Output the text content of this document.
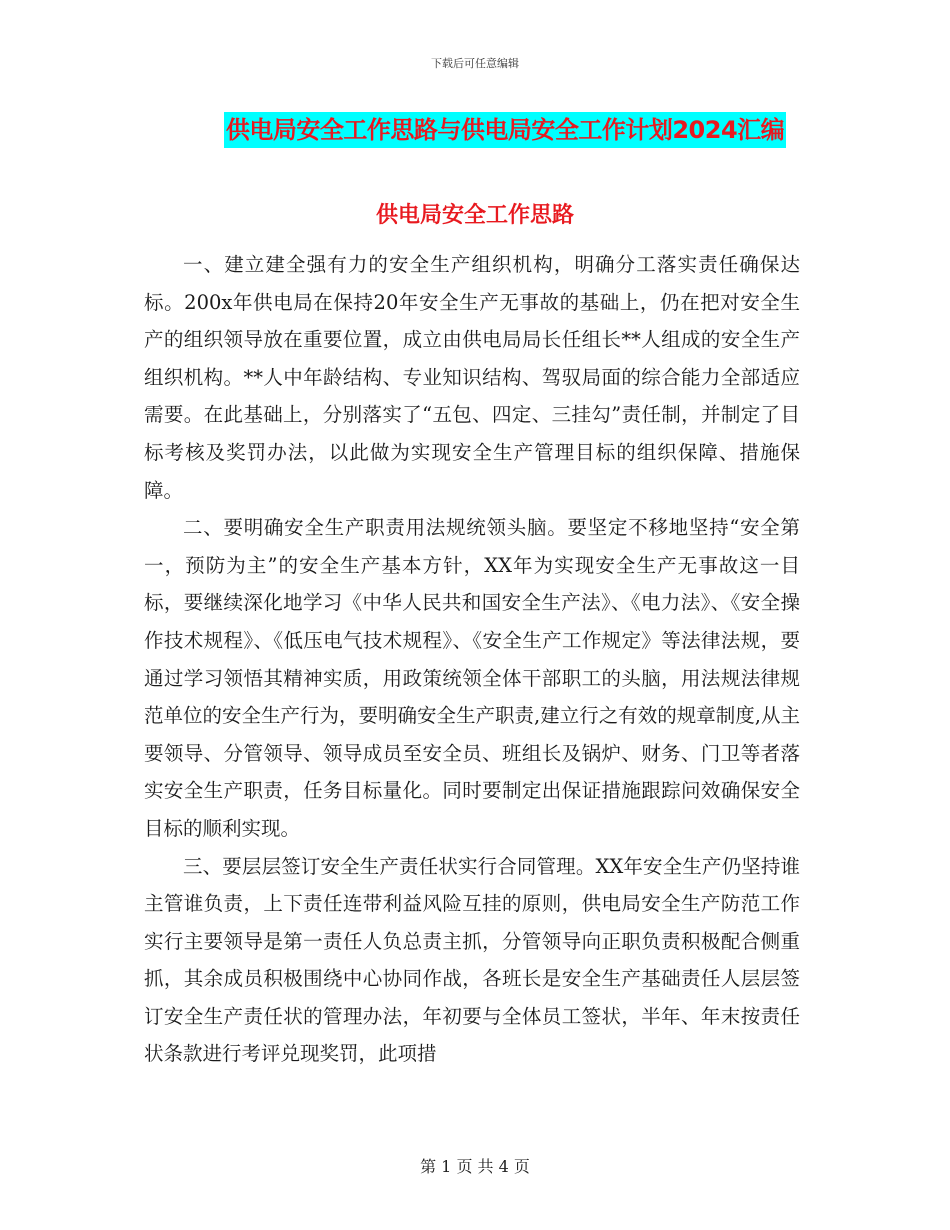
下载后可任意编辑
供电局安全工作思路与供电局安全工作计划2024汇编
供电局安全工作思路

一、建立建全强有力的安全生产组织机构，明确分工落实责任确保达标。200x年供电局在保持20年安全生产无事故的基础上，仍在把对安全生产的组织领导放在重要位置，成立由供电局局长任组长**人组成的安全生产组织机构。**人中年龄结构、专业知识结构、驾驭局面的综合能力全部适应需要。在此基础上，分别落实了“五包、四定、三挂勾”责任制，并制定了目标考核及奖罚办法，以此做为实现安全生产管理目标的组织保障、措施保障。

二、要明确安全生产职责用法规统领头脑。要坚定不移地坚持“安全第一，预防为主”的安全生产基本方针，XX年为实现安全生产无事故这一目标，要继续深化地学习《中华人民共和国安全生产法》、《电力法》、《安全操作技术规程》、《低压电气技术规程》、《安全生产工作规定》等法律法规，要通过学习领悟其精神实质，用政策统领全体干部职工的头脑，用法规法律规范单位的安全生产行为，要明确安全生产职责,建立行之有效的规章制度,从主要领导、分管领导、领导成员至安全员、班组长及锅炉、财务、门卫等者落实安全生产职责，任务目标量化。同时要制定出保证措施跟踪问效确保安全目标的顺利实现。

三、要层层签订安全生产责任状实行合同管理。XX年安全生产仍坚持谁主管谁负责，上下责任连带利益风险互挂的原则，供电局安全生产防范工作实行主要领导是第一责任人负总责主抓，分管领导向正职负责积极配合侧重抓，其余成员积极围绕中心协同作战，各班长是安全生产基础责任人层层签订安全生产责任状的管理办法，年初要与全体员工签状，半年、年末按责任状条款进行考评兑现奖罚，此项措

第 1 页 共 4 页
